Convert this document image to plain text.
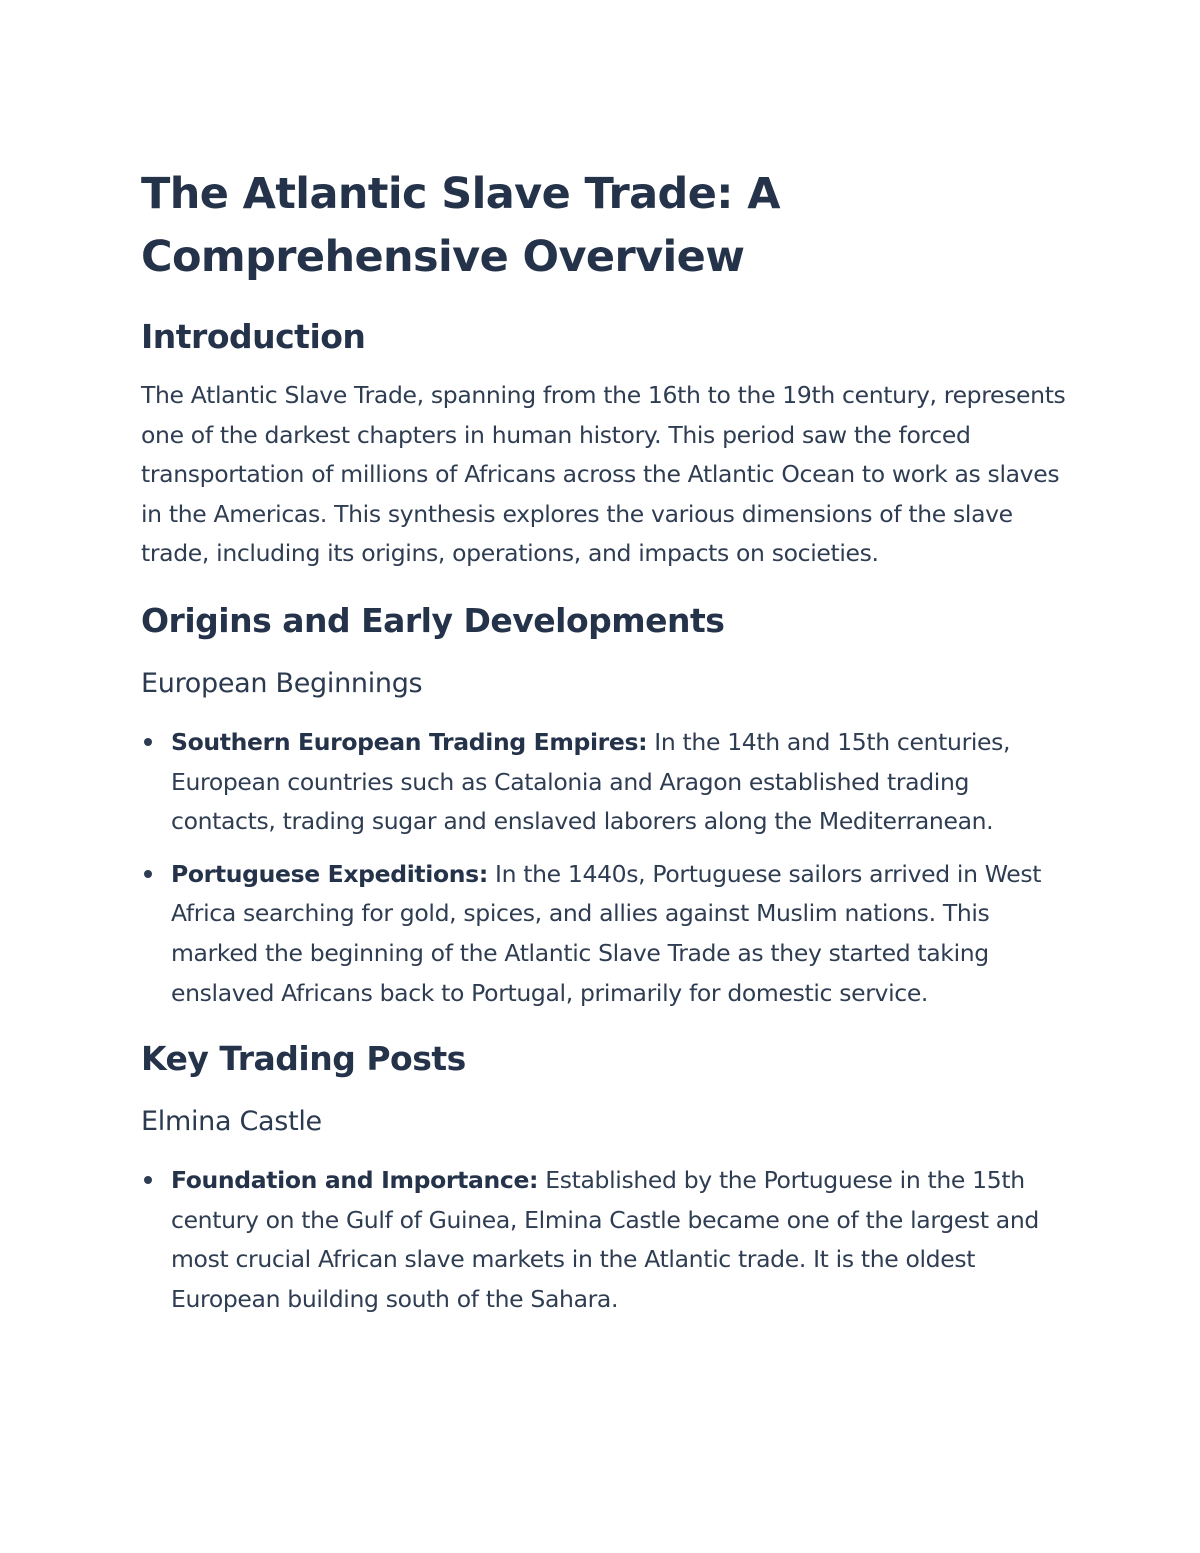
The Atlantic Slave Trade: A Comprehensive Overview
Introduction

The Atlantic Slave Trade, spanning from the 16th to the 19th century, represents one of the darkest chapters in human history. This period saw the forced transportation of millions of Africans across the Atlantic Ocean to work as slaves in the Americas. This synthesis explores the various dimensions of the slave trade, including its origins, operations, and impacts on societies.

Origins and Early Developments
European Beginnings
Southern European Trading Empires: In the 14th and 15th centuries, European countries such as Catalonia and Aragon established trading contacts, trading sugar and enslaved laborers along the Mediterranean.
Portuguese Expeditions: In the 1440s, Portuguese sailors arrived in West Africa searching for gold, spices, and allies against Muslim nations. This marked the beginning of the Atlantic Slave Trade as they started taking enslaved Africans back to Portugal, primarily for domestic service.
Key Trading Posts
Elmina Castle
Foundation and Importance: Established by the Portuguese in the 15th century on the Gulf of Guinea, Elmina Castle became one of the largest and most crucial African slave markets in the Atlantic trade. It is the oldest European building south of the Sahara.
